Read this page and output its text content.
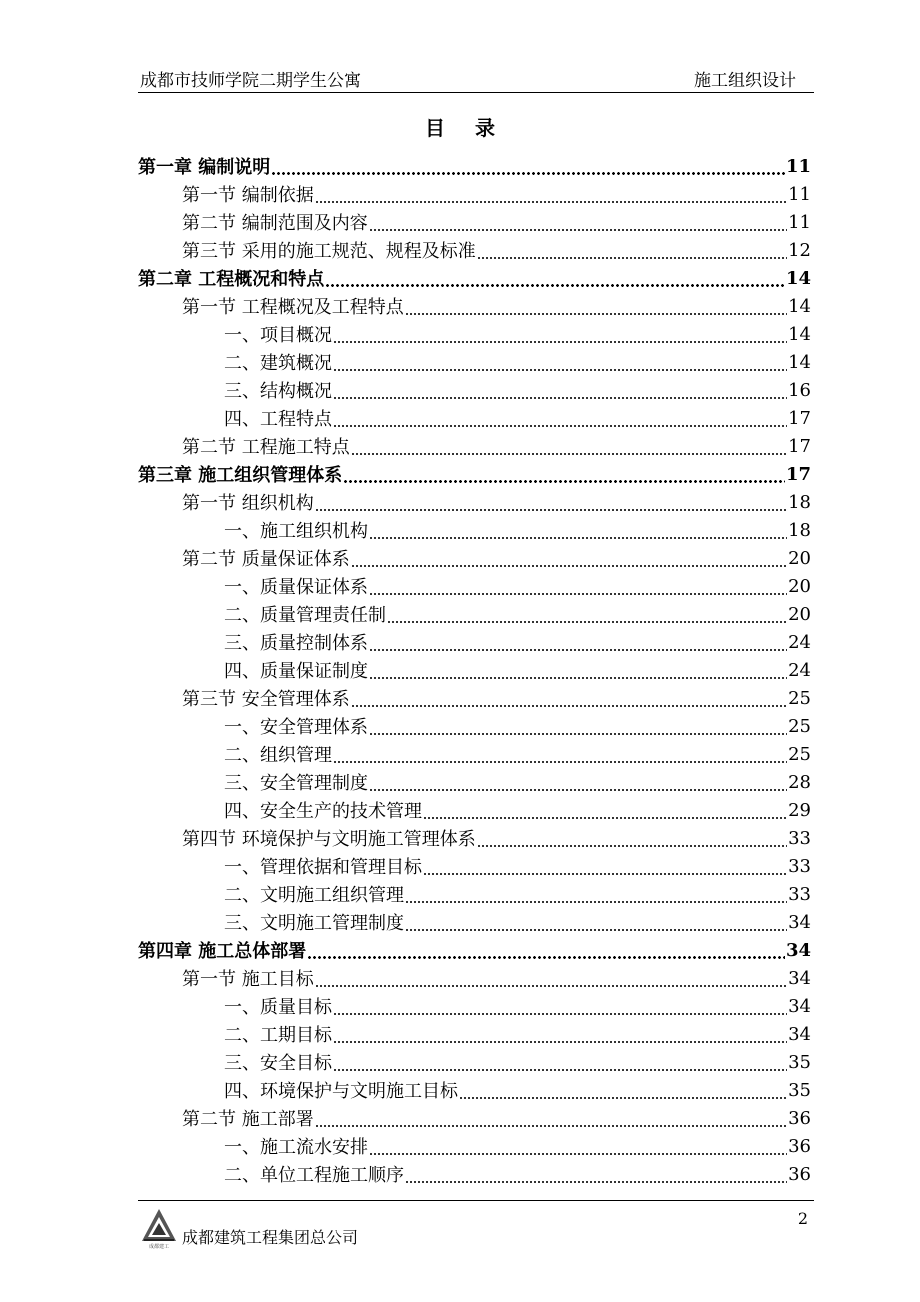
成都市技师学院二期学生公寓	施工组织设计
目录
第一章 编制说明	11
第一节 编制依据	11
第二节 编制范围及内容	11
第三节 采用的施工规范、规程及标准	12
第二章 工程概况和特点	14
第一节 工程概况及工程特点	14
一、项目概况	14
二、建筑概况	14
三、结构概况	16
四、工程特点	17
第二节 工程施工特点	17
第三章 施工组织管理体系	17
第一节 组织机构	18
一、施工组织机构	18
第二节 质量保证体系	20
一、质量保证体系	20
二、质量管理责任制	20
三、质量控制体系	24
四、质量保证制度	24
第三节 安全管理体系	25
一、安全管理体系	25
二、组织管理	25
三、安全管理制度	28
四、安全生产的技术管理	29
第四节 环境保护与文明施工管理体系	33
一、管理依据和管理目标	33
二、文明施工组织管理	33
三、文明施工管理制度	34
第四章 施工总体部署	34
第一节 施工目标	34
一、质量目标	34
二、工期目标	34
三、安全目标	35
四、环境保护与文明施工目标	35
第二节 施工部署	36
一、施工流水安排	36
二、单位工程施工顺序	36
2
成都建工 成都建筑工程集团总公司
